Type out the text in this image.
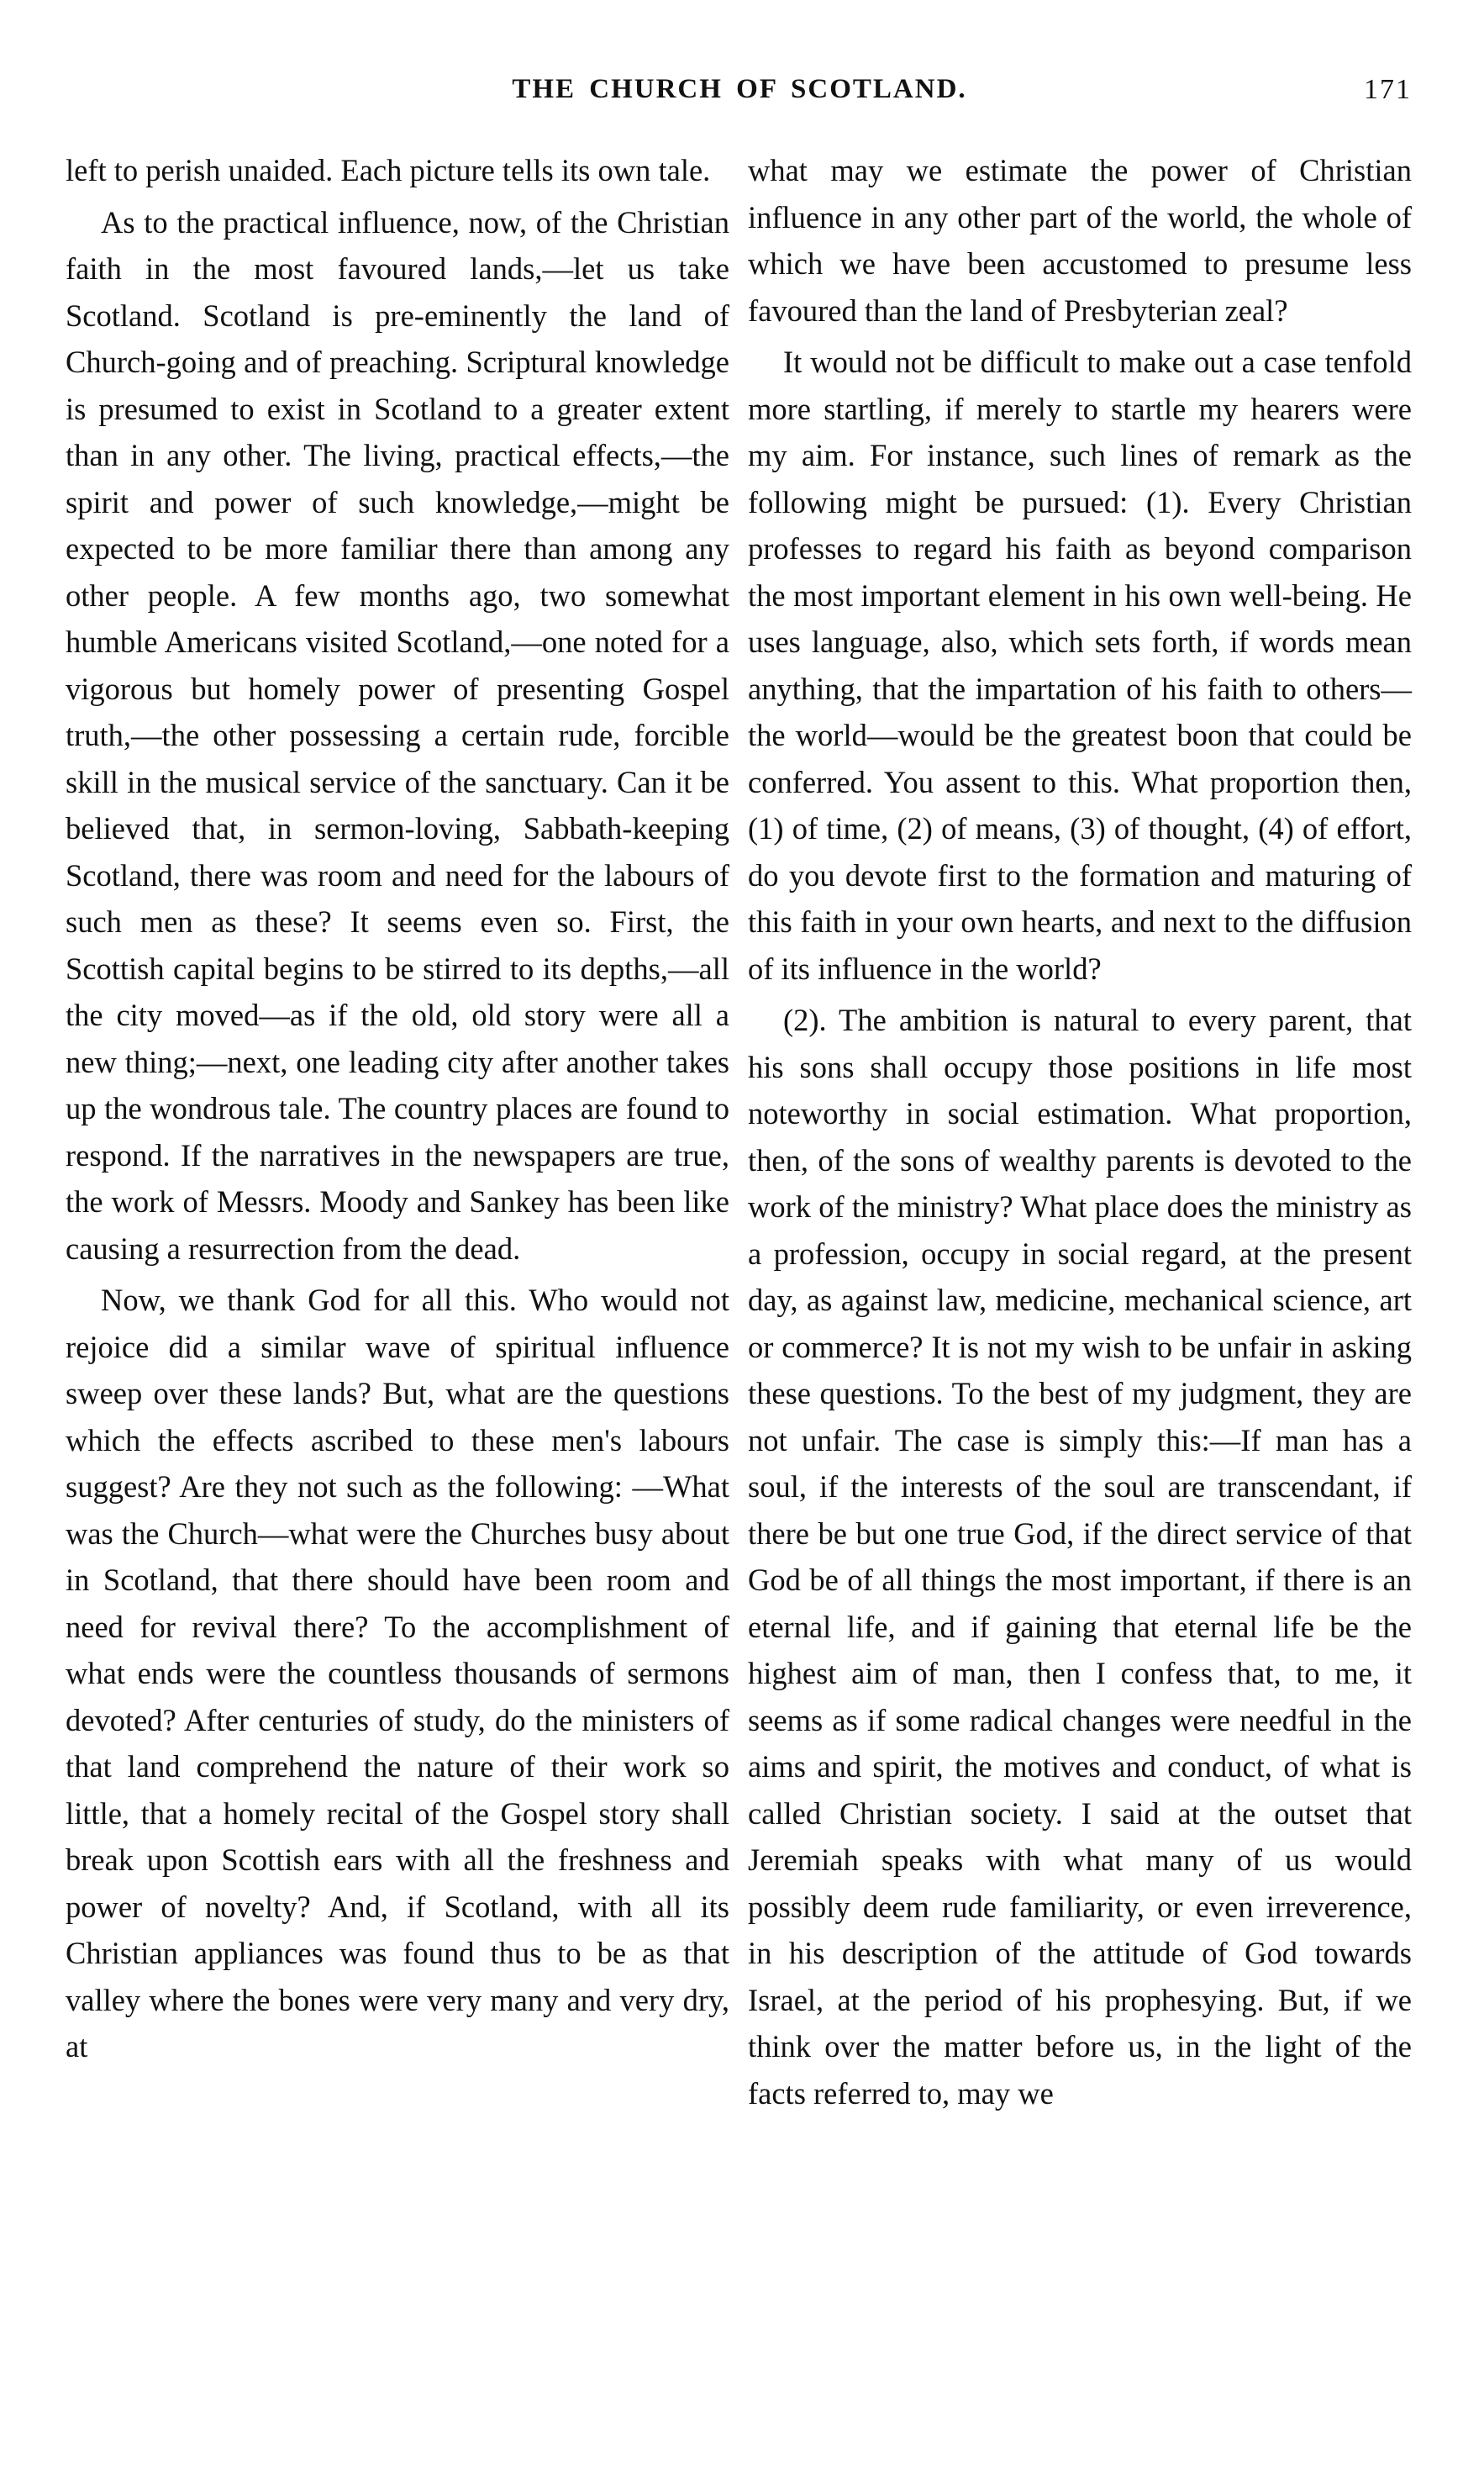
THE CHURCH OF SCOTLAND.	171

left to perish unaided. Each picture tells its own tale.

As to the practical influence, now, of the Christian faith in the most favoured lands,—let us take Scotland. Scotland is pre-eminently the land of Church-going and of preaching. Scriptural knowledge is presumed to exist in Scotland to a greater extent than in any other. The living, practical effects,—the spirit and power of such knowledge,—might be expected to be more familiar there than among any other people. A few months ago, two somewhat humble Americans visited Scotland,—one noted for a vigorous but homely power of presenting Gospel truth,—the other possessing a certain rude, forcible skill in the musical service of the sanctuary. Can it be believed that, in sermon-loving, Sabbath-keeping Scotland, there was room and need for the labours of such men as these? It seems even so. First, the Scottish capital begins to be stirred to its depths,—all the city moved—as if the old, old story were all a new thing;—next, one leading city after another takes up the wondrous tale. The country places are found to respond. If the narratives in the newspapers are true, the work of Messrs. Moody and Sankey has been like causing a resurrection from the dead.

Now, we thank God for all this. Who would not rejoice did a similar wave of spiritual influence sweep over these lands? But, what are the questions which the effects ascribed to these men's labours suggest? Are they not such as the following: —What was the Church—what were the Churches busy about in Scotland, that there should have been room and need for revival there? To the accomplishment of what ends were the countless thousands of sermons devoted? After centuries of study, do the ministers of that land comprehend the nature of their work so little, that a homely recital of the Gospel story shall break upon Scottish ears with all the freshness and power of novelty? And, if Scotland, with all its Christian appliances was found thus to be as that valley where the bones were very many and very dry, at

what may we estimate the power of Christian influence in any other part of the world, the whole of which we have been accustomed to presume less favoured than the land of Presbyterian zeal?

It would not be difficult to make out a case tenfold more startling, if merely to startle my hearers were my aim. For instance, such lines of remark as the following might be pursued: (1). Every Christian professes to regard his faith as beyond comparison the most important element in his own well-being. He uses language, also, which sets forth, if words mean anything, that the impartation of his faith to others—the world—would be the greatest boon that could be conferred. You assent to this. What proportion then, (1) of time, (2) of means, (3) of thought, (4) of effort, do you devote first to the formation and maturing of this faith in your own hearts, and next to the diffusion of its influence in the world?

(2). The ambition is natural to every parent, that his sons shall occupy those positions in life most noteworthy in social estimation. What proportion, then, of the sons of wealthy parents is devoted to the work of the ministry? What place does the ministry as a profession, occupy in social regard, at the present day, as against law, medicine, mechanical science, art or commerce? It is not my wish to be unfair in asking these questions. To the best of my judgment, they are not unfair. The case is simply this:—If man has a soul, if the interests of the soul are transcendant, if there be but one true God, if the direct service of that God be of all things the most important, if there is an eternal life, and if gaining that eternal life be the highest aim of man, then I confess that, to me, it seems as if some radical changes were needful in the aims and spirit, the motives and conduct, of what is called Christian society. I said at the outset that Jeremiah speaks with what many of us would possibly deem rude familiarity, or even irreverence, in his description of the attitude of God towards Israel, at the period of his prophesying. But, if we think over the matter before us, in the light of the facts referred to, may we
